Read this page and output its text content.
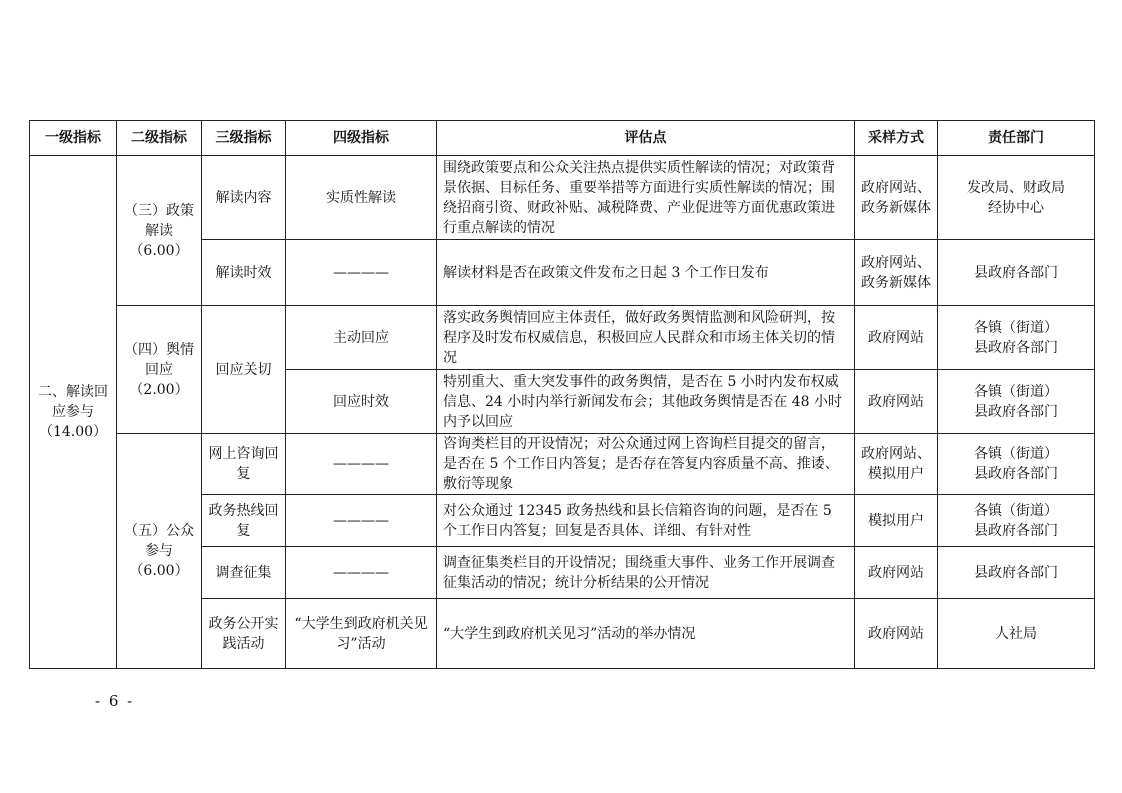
一级指标	二级指标	三级指标	四级指标	评估点	采样方式	责任部门
二、解读回应参与（14.00）	（三）政策解读（6.00）	解读内容	实质性解读	围绕政策要点和公众关注热点提供实质性解读的情况；对政策背景依据、目标任务、重要举措等方面进行实质性解读的情况；围绕招商引资、财政补贴、减税降费、产业促进等方面优惠政策进行重点解读的情况	政府网站、政务新媒体	发改局、财政局
经协中心

		解读时效	————	解读材料是否在政策文件发布之日起 3 个工作日发布	政府网站、政务新媒体	县政府各部门
	（四）舆情回应（2.00）	回应关切	主动回应	落实政务舆情回应主体责任，做好政务舆情监测和风险研判，按程序及时发布权威信息，积极回应人民群众和市场主体关切的情况	政府网站	各镇（街道）
县政府各部门

			回应时效	特别重大、重大突发事件的政务舆情，是否在 5 小时内发布权威信息、24 小时内举行新闻发布会；其他政务舆情是否在 48 小时内予以回应	政府网站	各镇（街道）
县政府各部门

	（五）公众参与（6.00）	网上咨询回复	————	咨询类栏目的开设情况；对公众通过网上咨询栏目提交的留言，是否在 5 个工作日内答复；是否存在答复内容质量不高、推诿、敷衍等现象	政府网站、模拟用户	各镇（街道）
县政府各部门

		政务热线回复	————	对公众通过 12345 政务热线和县长信箱咨询的问题，是否在 5 个工作日内答复；回复是否具体、详细、有针对性	模拟用户	各镇（街道）
县政府各部门

		调查征集	————	调查征集类栏目的开设情况；围绕重大事件、业务工作开展调查征集活动的情况；统计分析结果的公开情况	政府网站	县政府各部门
		政务公开实践活动	“大学生到政府机关见习”活动	“大学生到政府机关见习”活动的举办情况	政府网站	人社局
- 6 -
